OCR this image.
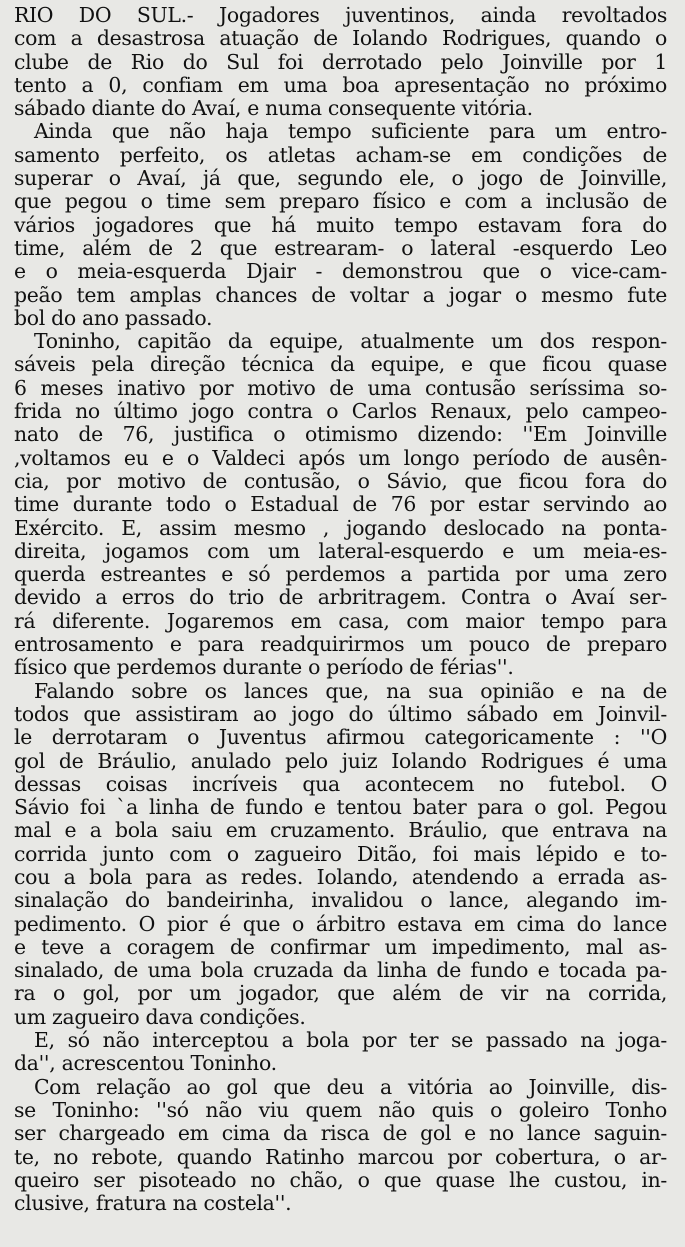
RIO DO SUL.- Jogadores juventinos, ainda revoltados
com a desastrosa atuação de Iolando Rodrigues, quando o
clube de Rio do Sul foi derrotado pelo Joinville por 1
tento a 0, confiam em uma boa apresentação no próximo
sábado diante do Avaí, e numa consequente vitória.
Ainda que não haja tempo suficiente para um entro-
samento perfeito, os atletas acham-se em condições de
superar o Avaí, já que, segundo ele, o jogo de Joinville,
que pegou o time sem preparo físico e com a inclusão de
vários jogadores que há muito tempo estavam fora do
time, além de 2 que estrearam- o lateral -esquerdo Leo
e o meia-esquerda Djair - demonstrou que o vice-cam-
peão tem amplas chances de voltar a jogar o mesmo fute
bol do ano passado.
Toninho, capitão da equipe, atualmente um dos respon-
sáveis pela direção técnica da equipe, e que ficou quase
6 meses inativo por motivo de uma contusão seríssima so-
frida no último jogo contra o Carlos Renaux, pelo campeo-
nato de 76, justifica o otimismo dizendo: ''Em Joinville
,voltamos eu e o Valdeci após um longo período de ausên-
cia, por motivo de contusão, o Sávio, que ficou fora do
time durante todo o Estadual de 76 por estar servindo ao
Exército. E, assim mesmo , jogando deslocado na ponta-
direita, jogamos com um lateral-esquerdo e um meia-es-
querda estreantes e só perdemos a partida por uma zero
devido a erros do trio de arbritragem. Contra o Avaí ser-
rá diferente. Jogaremos em casa, com maior tempo para
entrosamento e para readquirirmos um pouco de preparo
físico que perdemos durante o período de férias''.
Falando sobre os lances que, na sua opinião e na de
todos que assistiram ao jogo do último sábado em Joinvil-
le derrotaram o Juventus afirmou categoricamente : ''O
gol de Bráulio, anulado pelo juiz Iolando Rodrigues é uma
dessas coisas incríveis qua acontecem no futebol. O
Sávio foi `a linha de fundo e tentou bater para o gol. Pegou
mal e a bola saiu em cruzamento. Bráulio, que entrava na
corrida junto com o zagueiro Ditão, foi mais lépido e to-
cou a bola para as redes. Iolando, atendendo a errada as-
sinalação do bandeirinha, invalidou o lance, alegando im-
pedimento. O pior é que o árbitro estava em cima do lance
e teve a coragem de confirmar um impedimento, mal as-
sinalado, de uma bola cruzada da linha de fundo e tocada pa-
ra o gol, por um jogador, que além de vir na corrida,
um zagueiro dava condições.
E, só não interceptou a bola por ter se passado na joga-
da'', acrescentou Toninho.
Com relação ao gol que deu a vitória ao Joinville, dis-
se Toninho: ''só não viu quem não quis o goleiro Tonho
ser chargeado em cima da risca de gol e no lance saguin-
te, no rebote, quando Ratinho marcou por cobertura, o ar-
queiro ser pisoteado no chão, o que quase lhe custou, in-
clusive, fratura na costela''.
